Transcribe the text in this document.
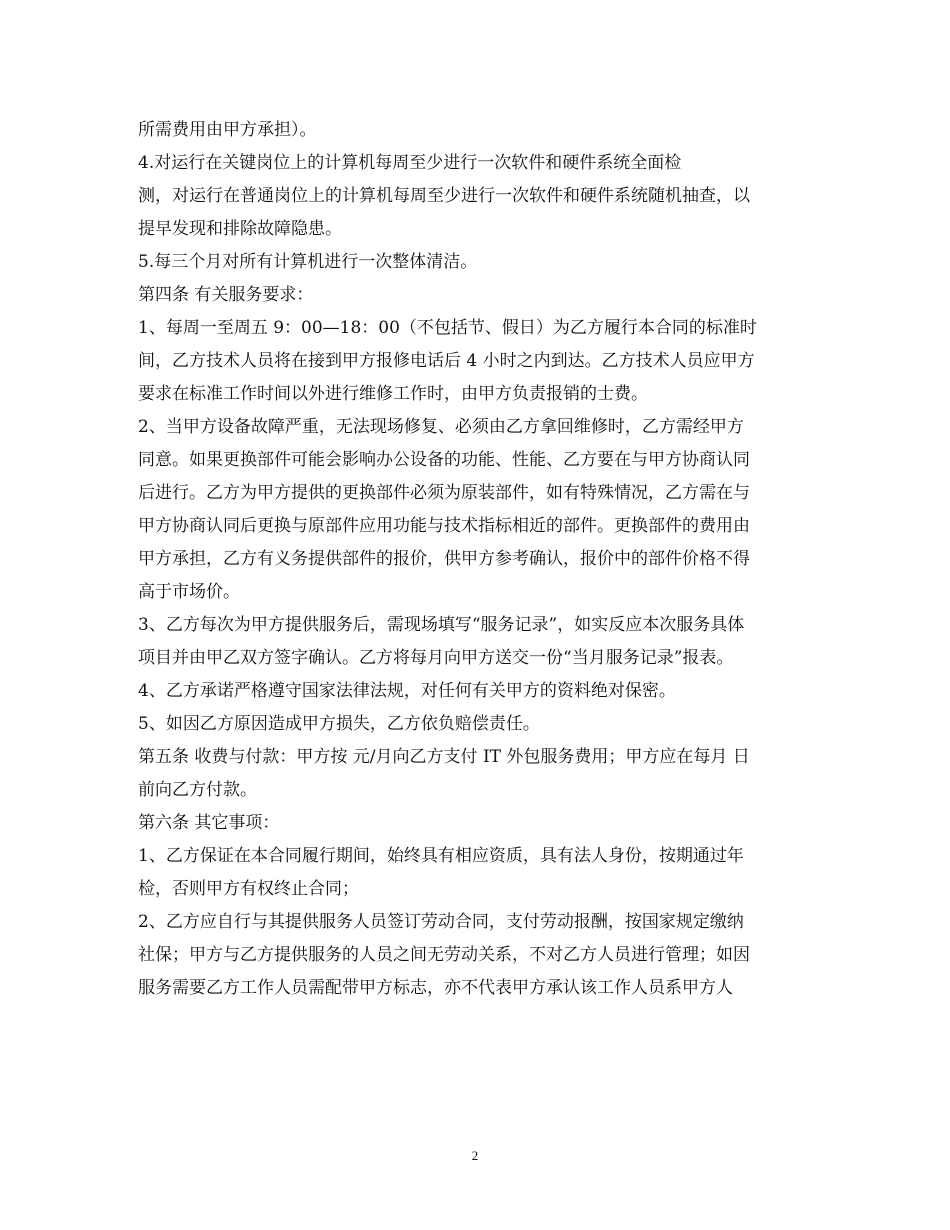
所需费用由甲方承担）。
4.对运行在关键岗位上的计算机每周至少进行一次软件和硬件系统全面检
测，对运行在普通岗位上的计算机每周至少进行一次软件和硬件系统随机抽查，以
提早发现和排除故障隐患。
5.每三个月对所有计算机进行一次整体清洁。
第四条 有关服务要求：
1、每周一至周五 9：00—18：00（不包括节、假日）为乙方履行本合同的标准时
间，乙方技术人员将在接到甲方报修电话后 4 小时之内到达。乙方技术人员应甲方
要求在标准工作时间以外进行维修工作时，由甲方负责报销的士费。
2、当甲方设备故障严重，无法现场修复、必须由乙方拿回维修时，乙方需经甲方
同意。如果更换部件可能会影响办公设备的功能、性能、乙方要在与甲方协商认同
后进行。乙方为甲方提供的更换部件必须为原装部件，如有特殊情况，乙方需在与
甲方协商认同后更换与原部件应用功能与技术指标相近的部件。更换部件的费用由
甲方承担，乙方有义务提供部件的报价，供甲方参考确认，报价中的部件价格不得
高于市场价。
3、乙方每次为甲方提供服务后，需现场填写“服务记录”，如实反应本次服务具体
项目并由甲乙双方签字确认。乙方将每月向甲方送交一份“当月服务记录”报表。
4、乙方承诺严格遵守国家法律法规，对任何有关甲方的资料绝对保密。
5、如因乙方原因造成甲方损失，乙方依负赔偿责任。
第五条 收费与付款：甲方按 元/月向乙方支付 IT 外包服务费用；甲方应在每月 日
前向乙方付款。
第六条 其它事项：
1、乙方保证在本合同履行期间，始终具有相应资质，具有法人身份，按期通过年
检，否则甲方有权终止合同；
2、乙方应自行与其提供服务人员签订劳动合同，支付劳动报酬，按国家规定缴纳
社保；甲方与乙方提供服务的人员之间无劳动关系，不对乙方人员进行管理；如因
服务需要乙方工作人员需配带甲方标志，亦不代表甲方承认该工作人员系甲方人
2
